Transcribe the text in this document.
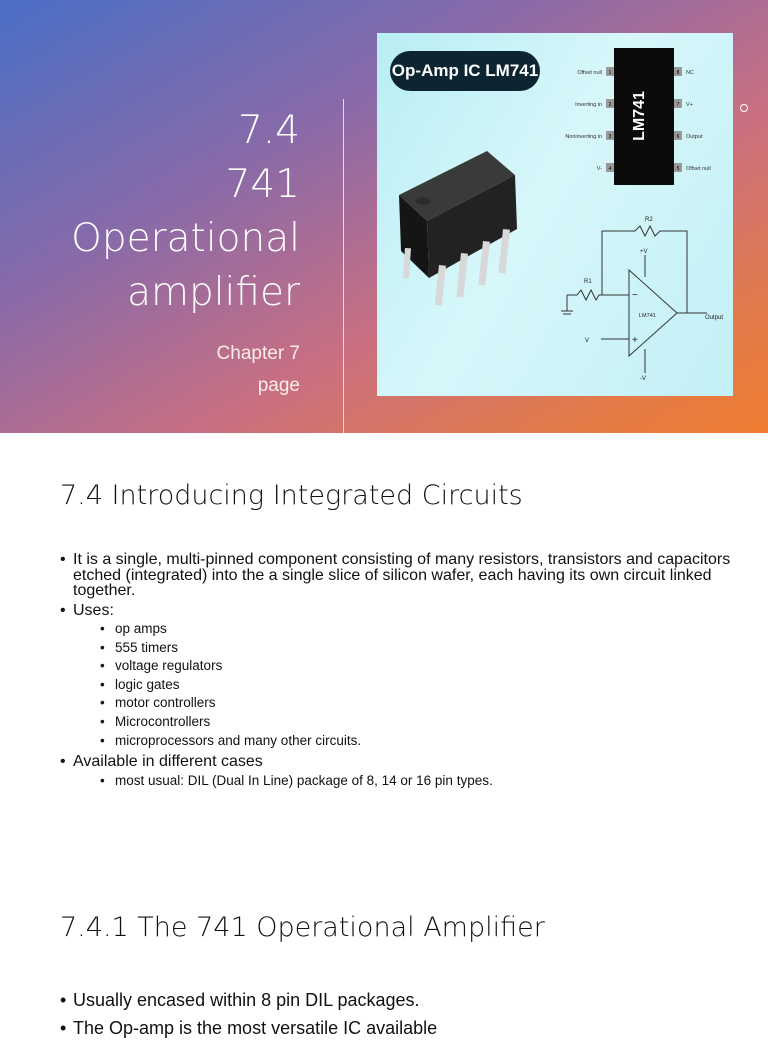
7.4
741
Operational
amplifier
Chapter 7
page
Op-Amp IC LM741
LM741
1
2
3
4
8
7
6
5
Offset null
Inverting in
Noninverting in
V-
NC
V+
Output
Offset null
R2
R1
V
+V
-V
LM741	Output
−
+
7.4 Introducing Integrated Circuits
• It is a single, multi-pinned component consisting of many resistors, transistors and capacitors etched (integrated) into the a single slice of silicon wafer, each having its own circuit linked together.
• Uses:
• op amps
• 555 timers
• voltage regulators
• logic gates
• motor controllers
• Microcontrollers
• microprocessors and many other circuits.
• Available in different cases
• most usual: DIL (Dual In Line) package of 8, 14 or 16 pin types.
7.4.1 The 741 Operational Amplifier
• Usually encased within 8 pin DIL packages.
• The Op-amp is the most versatile IC available
